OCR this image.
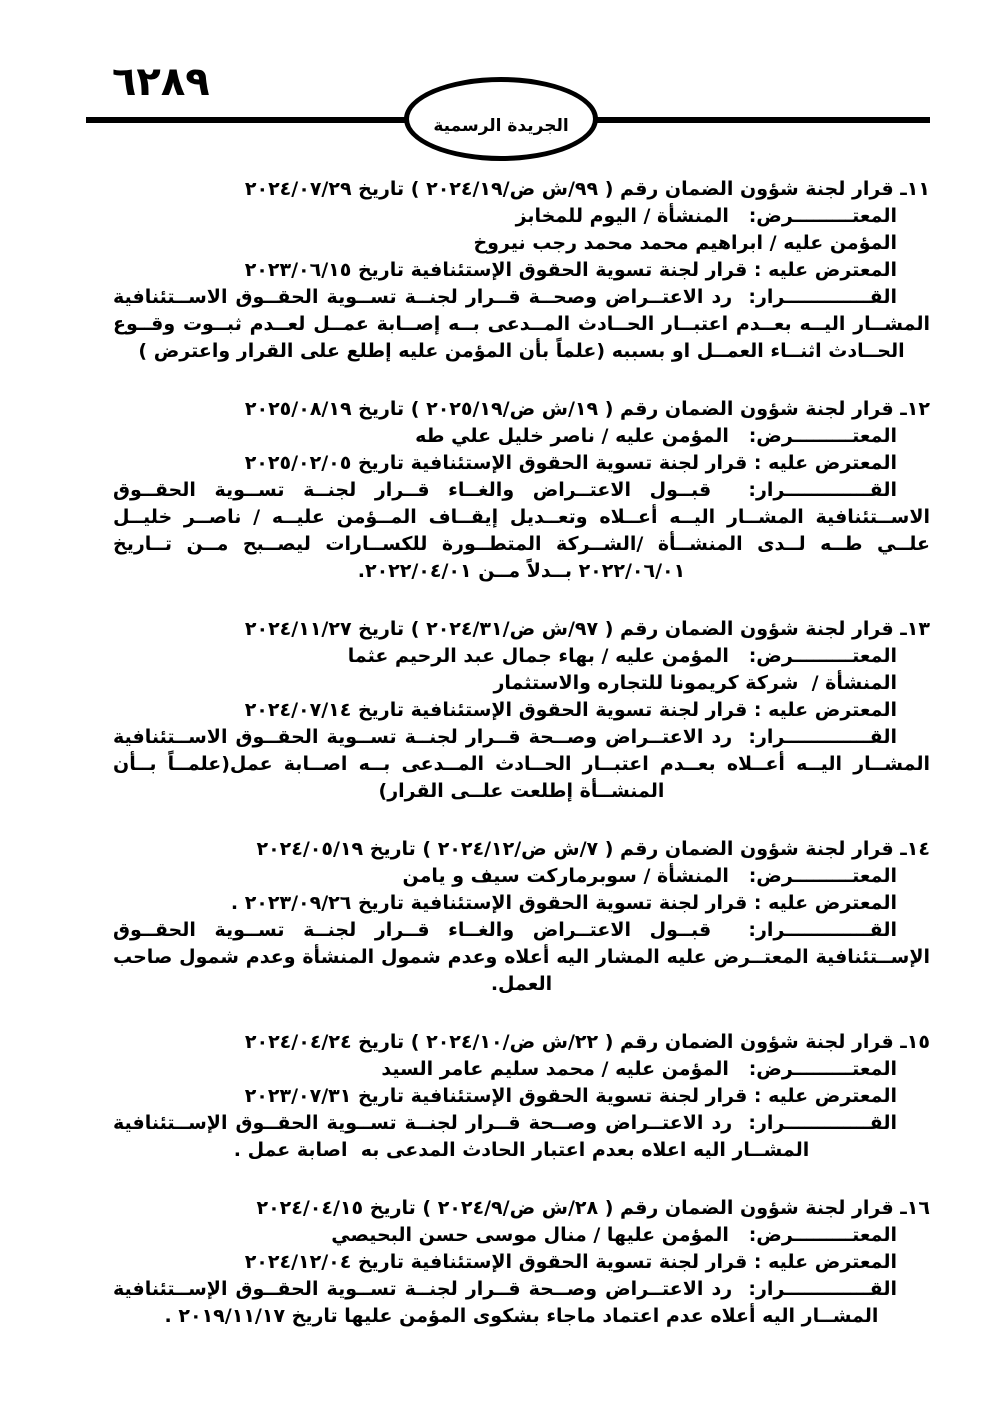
٦٢٨٩
الجريدة الرسمية
١١ـ قرار لجنة شؤون الضمان رقم ( ٩٩/ش ض/٢٠٢٤/١٩ ) تاريخ ٢٠٢٤/٠٧/٢٩
المعتـــــــــرض:   المنشأة / اليوم للمخابز
المؤمن عليه / ابراهيم محمد محمد رجب نيروخ
المعترض عليه : قرار لجنة تسوية الحقوق الإستئنافية تاريخ ٢٠٢٣/٠٦/١٥
القـــــــــــــرار:  رد الاعتــراض وصحــة قــرار لجنــة تســوية الحقــوق الاســتئنافية المشــار اليــه بعــدم اعتبــار الحــادث المــدعى بــه إصــابة عمــل لعــدم ثبــوت وقــوع الحــادث اثنــاء العمــل او بسببه (علماً بأن المؤمن عليه إطلع على القرار واعترض )
١٢ـ قرار لجنة شؤون الضمان رقم ( ١٩/ش ض/٢٠٢٥/١٩ ) تاريخ ٢٠٢٥/٠٨/١٩
المعتـــــــــرض:   المؤمن عليه / ناصر خليل علي طه
المعترض عليه : قرار لجنة تسوية الحقوق الإستئنافية تاريخ ٢٠٢٥/٠٢/٠٥
القـــــــــــــرار:  قبــول الاعتــراض والغــاء قــرار لجنــة تســوية الحقــوق الاســتئنافية المشــار اليــه أعــلاه وتعــديل إيقــاف المــؤمن عليــه / ناصــر خليــل علــي طــه لــدى المنشــأة /الشــركة المتطــورة للكســارات ليصــبح مــن تــاريخ ٢٠٢٢/٠٦/٠١ بــدلاً مــن ٢٠٢٢/٠٤/٠١.
١٣ـ قرار لجنة شؤون الضمان رقم ( ٩٧/ش ض/٢٠٢٤/٣١ ) تاريخ ٢٠٢٤/١١/٢٧
المعتـــــــــرض:   المؤمن عليه / بهاء جمال عبد الرحيم عثما
المنشأة /  شركة كريمونا للتجاره والاستثمار
المعترض عليه : قرار لجنة تسوية الحقوق الإستئنافية تاريخ ٢٠٢٤/٠٧/١٤
القـــــــــــــرار:  رد الاعتــراض وصــحة قــرار لجنــة تســوية الحقــوق الاســتئنافية المشــار اليــه أعــلاه بعــدم اعتبــار الحــادث المــدعى بــه اصــابة عمل(علمــاً بــأن المنشــأة إطلعت علــى القرار)
١٤ـ قرار لجنة شؤون الضمان رقم ( ٧/ش ض/٢٠٢٤/١٢ ) تاريخ ٢٠٢٤/٠٥/١٩
المعتـــــــــرض:   المنشأة / سوبرماركت سيف و يامن
المعترض عليه : قرار لجنة تسوية الحقوق الإستئنافية تاريخ ٢٠٢٣/٠٩/٢٦ .
القـــــــــــــرار:  قبــول الاعتــراض والغــاء قــرار لجنــة تســوية الحقــوق الإســتئنافية المعتــرض عليه المشار اليه أعلاه وعدم شمول المنشأة وعدم شمول صاحب العمل.
١٥ـ قرار لجنة شؤون الضمان رقم ( ٢٢/ش ض/٢٠٢٤/١٠ ) تاريخ ٢٠٢٤/٠٤/٢٤
المعتـــــــــرض:   المؤمن عليه / محمد سليم عامر السيد
المعترض عليه : قرار لجنة تسوية الحقوق الإستئنافية تاريخ ٢٠٢٣/٠٧/٣١
القـــــــــــــرار:  رد الاعتــراض وصــحة قــرار لجنــة تســوية الحقــوق الإســتئنافية المشــار اليه اعلاه بعدم اعتبار الحادث المدعى به  اصابة عمل .
١٦ـ قرار لجنة شؤون الضمان رقم ( ٢٨/ش ض/٢٠٢٤/٩ ) تاريخ ٢٠٢٤/٠٤/١٥
المعتـــــــــرض:   المؤمن عليها / منال موسى حسن البحيصي
المعترض عليه : قرار لجنة تسوية الحقوق الإستئنافية تاريخ ٢٠٢٤/١٢/٠٤
القـــــــــــــرار:  رد الاعتــراض وصــحة قــرار لجنــة تســوية الحقــوق الإســتئنافية المشــار اليه أعلاه عدم اعتماد ماجاء بشكوى المؤمن عليها تاريخ ٢٠١٩/١١/١٧ .
